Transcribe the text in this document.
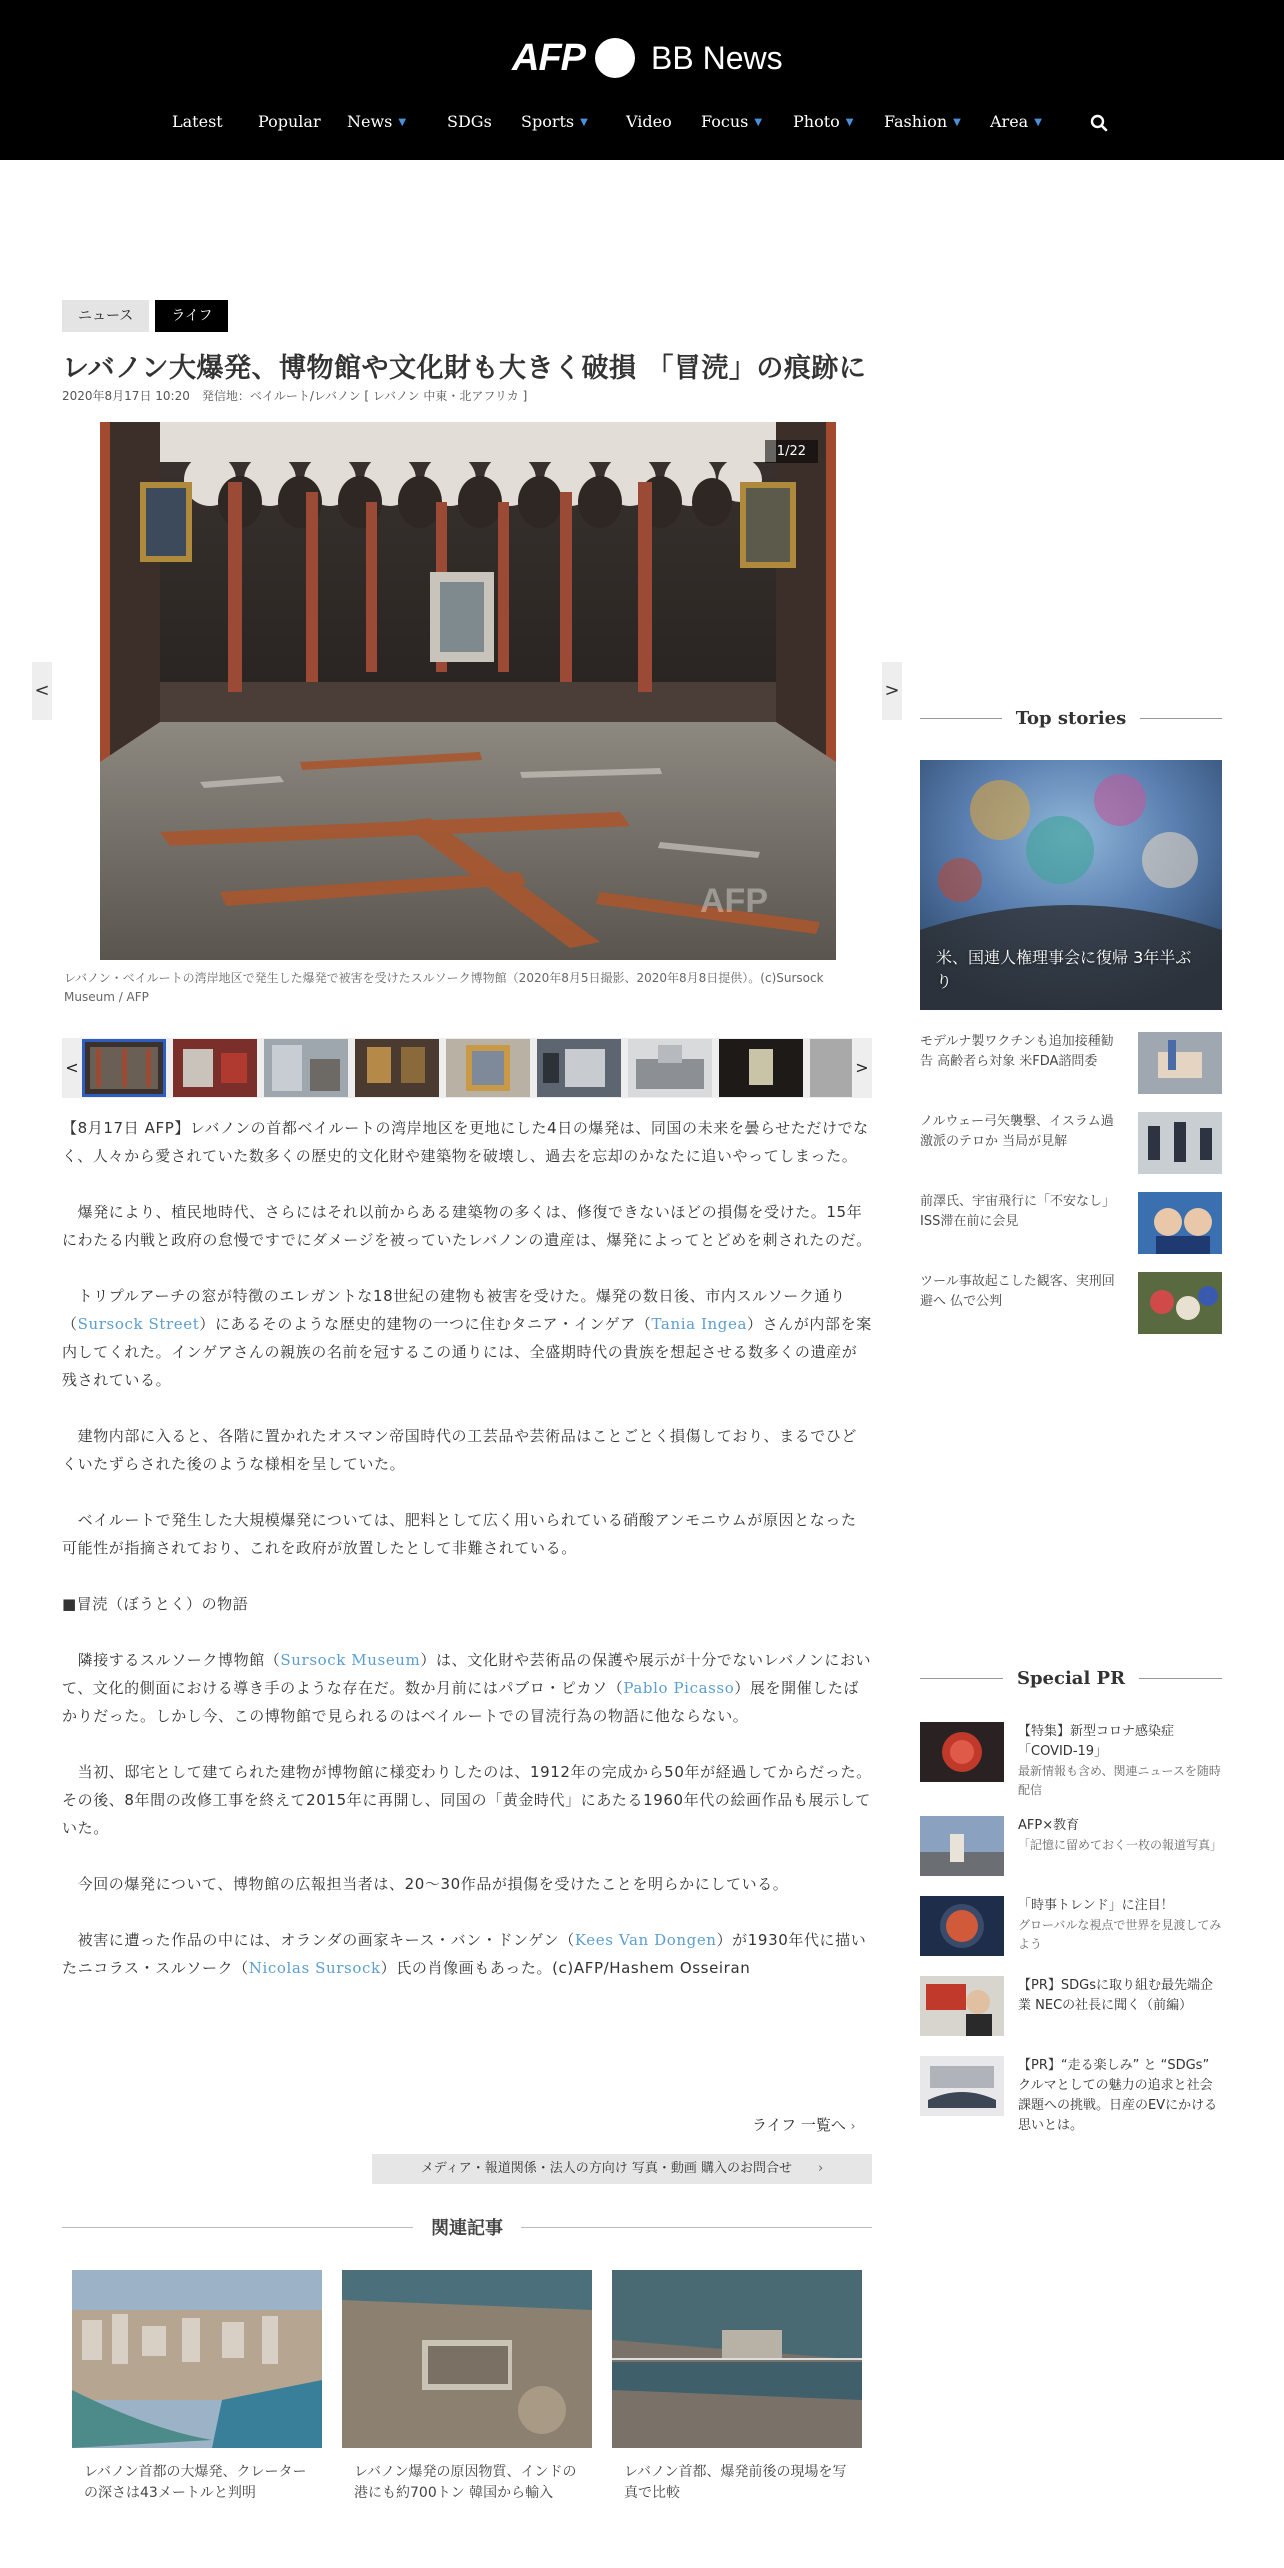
AFP BB News
Latest Popular News ▼	SDGs Sports ▼ Video Focus ▼ Photo ▼ Fashion ▼ Area ▼
ニュース	ライフ
レバノン大爆発、博物館や文化財も大きく破損 「冒涜」の痕跡に
2020年8月17日 10:20　発信地：ベイルート/レバノン [ レバノン 中東・北アフリカ ]
<
AFP
1/22
>
レバノン・ベイルートの湾岸地区で発生した爆発で被害を受けたスルソーク博物館（2020年8月5日撮影、2020年8月8日提供）。(c)Sursock Museum / AFP
<	>

【8月17日 AFP】レバノンの首都ベイルートの湾岸地区を更地にした4日の爆発は、同国の未来を曇らせただけでなく、人々から愛されていた数多くの歴史的文化財や建築物を破壊し、過去を忘却のかなたに追いやってしまった。

　爆発により、植民地時代、さらにはそれ以前からある建築物の多くは、修復できないほどの損傷を受けた。15年にわたる内戦と政府の怠慢ですでにダメージを被っていたレバノンの遺産は、爆発によってとどめを刺されたのだ。

　トリプルアーチの窓が特徴のエレガントな18世紀の建物も被害を受けた。爆発の数日後、市内スルソーク通り（Sursock Street）にあるそのような歴史的建物の一つに住むタニア・インゲア（Tania Ingea）さんが内部を案内してくれた。インゲアさんの親族の名前を冠するこの通りには、全盛期時代の貴族を想起させる数多くの遺産が残されている。

　建物内部に入ると、各階に置かれたオスマン帝国時代の工芸品や芸術品はことごとく損傷しており、まるでひどくいたずらされた後のような様相を呈していた。

　ベイルートで発生した大規模爆発については、肥料として広く用いられている硝酸アンモニウムが原因となった可能性が指摘されており、これを政府が放置したとして非難されている。

■冒涜（ぼうとく）の物語

　隣接するスルソーク博物館（Sursock Museum）は、文化財や芸術品の保護や展示が十分でないレバノンにおいて、文化的側面における導き手のような存在だ。数か月前にはパブロ・ピカソ（Pablo Picasso）展を開催したばかりだった。しかし今、この博物館で見られるのはベイルートでの冒涜行為の物語に他ならない。

　当初、邸宅として建てられた建物が博物館に様変わりしたのは、1912年の完成から50年が経過してからだった。その後、8年間の改修工事を終えて2015年に再開し、同国の「黄金時代」にあたる1960年代の絵画作品も展示していた。

　今回の爆発について、博物館の広報担当者は、20～30作品が損傷を受けたことを明らかにしている。

　被害に遭った作品の中には、オランダの画家キース・バン・ドンゲン（Kees Van Dongen）が1930年代に描いたニコラス・スルソーク（Nicolas Sursock）氏の肖像画もあった。(c)AFP/Hashem Osseiran

ライフ 一覧へ ›
メディア・報道関係・法人の方向け 写真・動画 購入のお問合せ　　 ›
関連記事
レバノン首都の大爆発、クレーターの深さは43メートルと判明
レバノン爆発の原因物質、インドの港にも約700トン 韓国から輸入
レバノン首都、爆発前後の現場を写真で比較
Top stories
米、国連人権理事会に復帰 3年半ぶり
モデルナ製ワクチンも追加接種勧告 高齢者ら対象 米FDA諮問委
ノルウェー弓矢襲撃、イスラム過激派のテロか 当局が見解
前澤氏、宇宙飛行に「不安なし」 ISS滞在前に会見
ツール事故起こした観客、実刑回避へ 仏で公判
Special PR
【特集】新型コロナ感染症「COVID-19」
最新情報も含め、関連ニュースを随時配信
AFP×教育
「記憶に留めておく一枚の報道写真」
「時事トレンド」に注目！
グローバルな視点で世界を見渡してみよう
【PR】SDGsに取り組む最先端企業 NECの社長に聞く（前編）
【PR】“走る楽しみ” と “SDGs” クルマとしての魅力の追求と社会課題への挑戦。日産のEVにかける思いとは。
